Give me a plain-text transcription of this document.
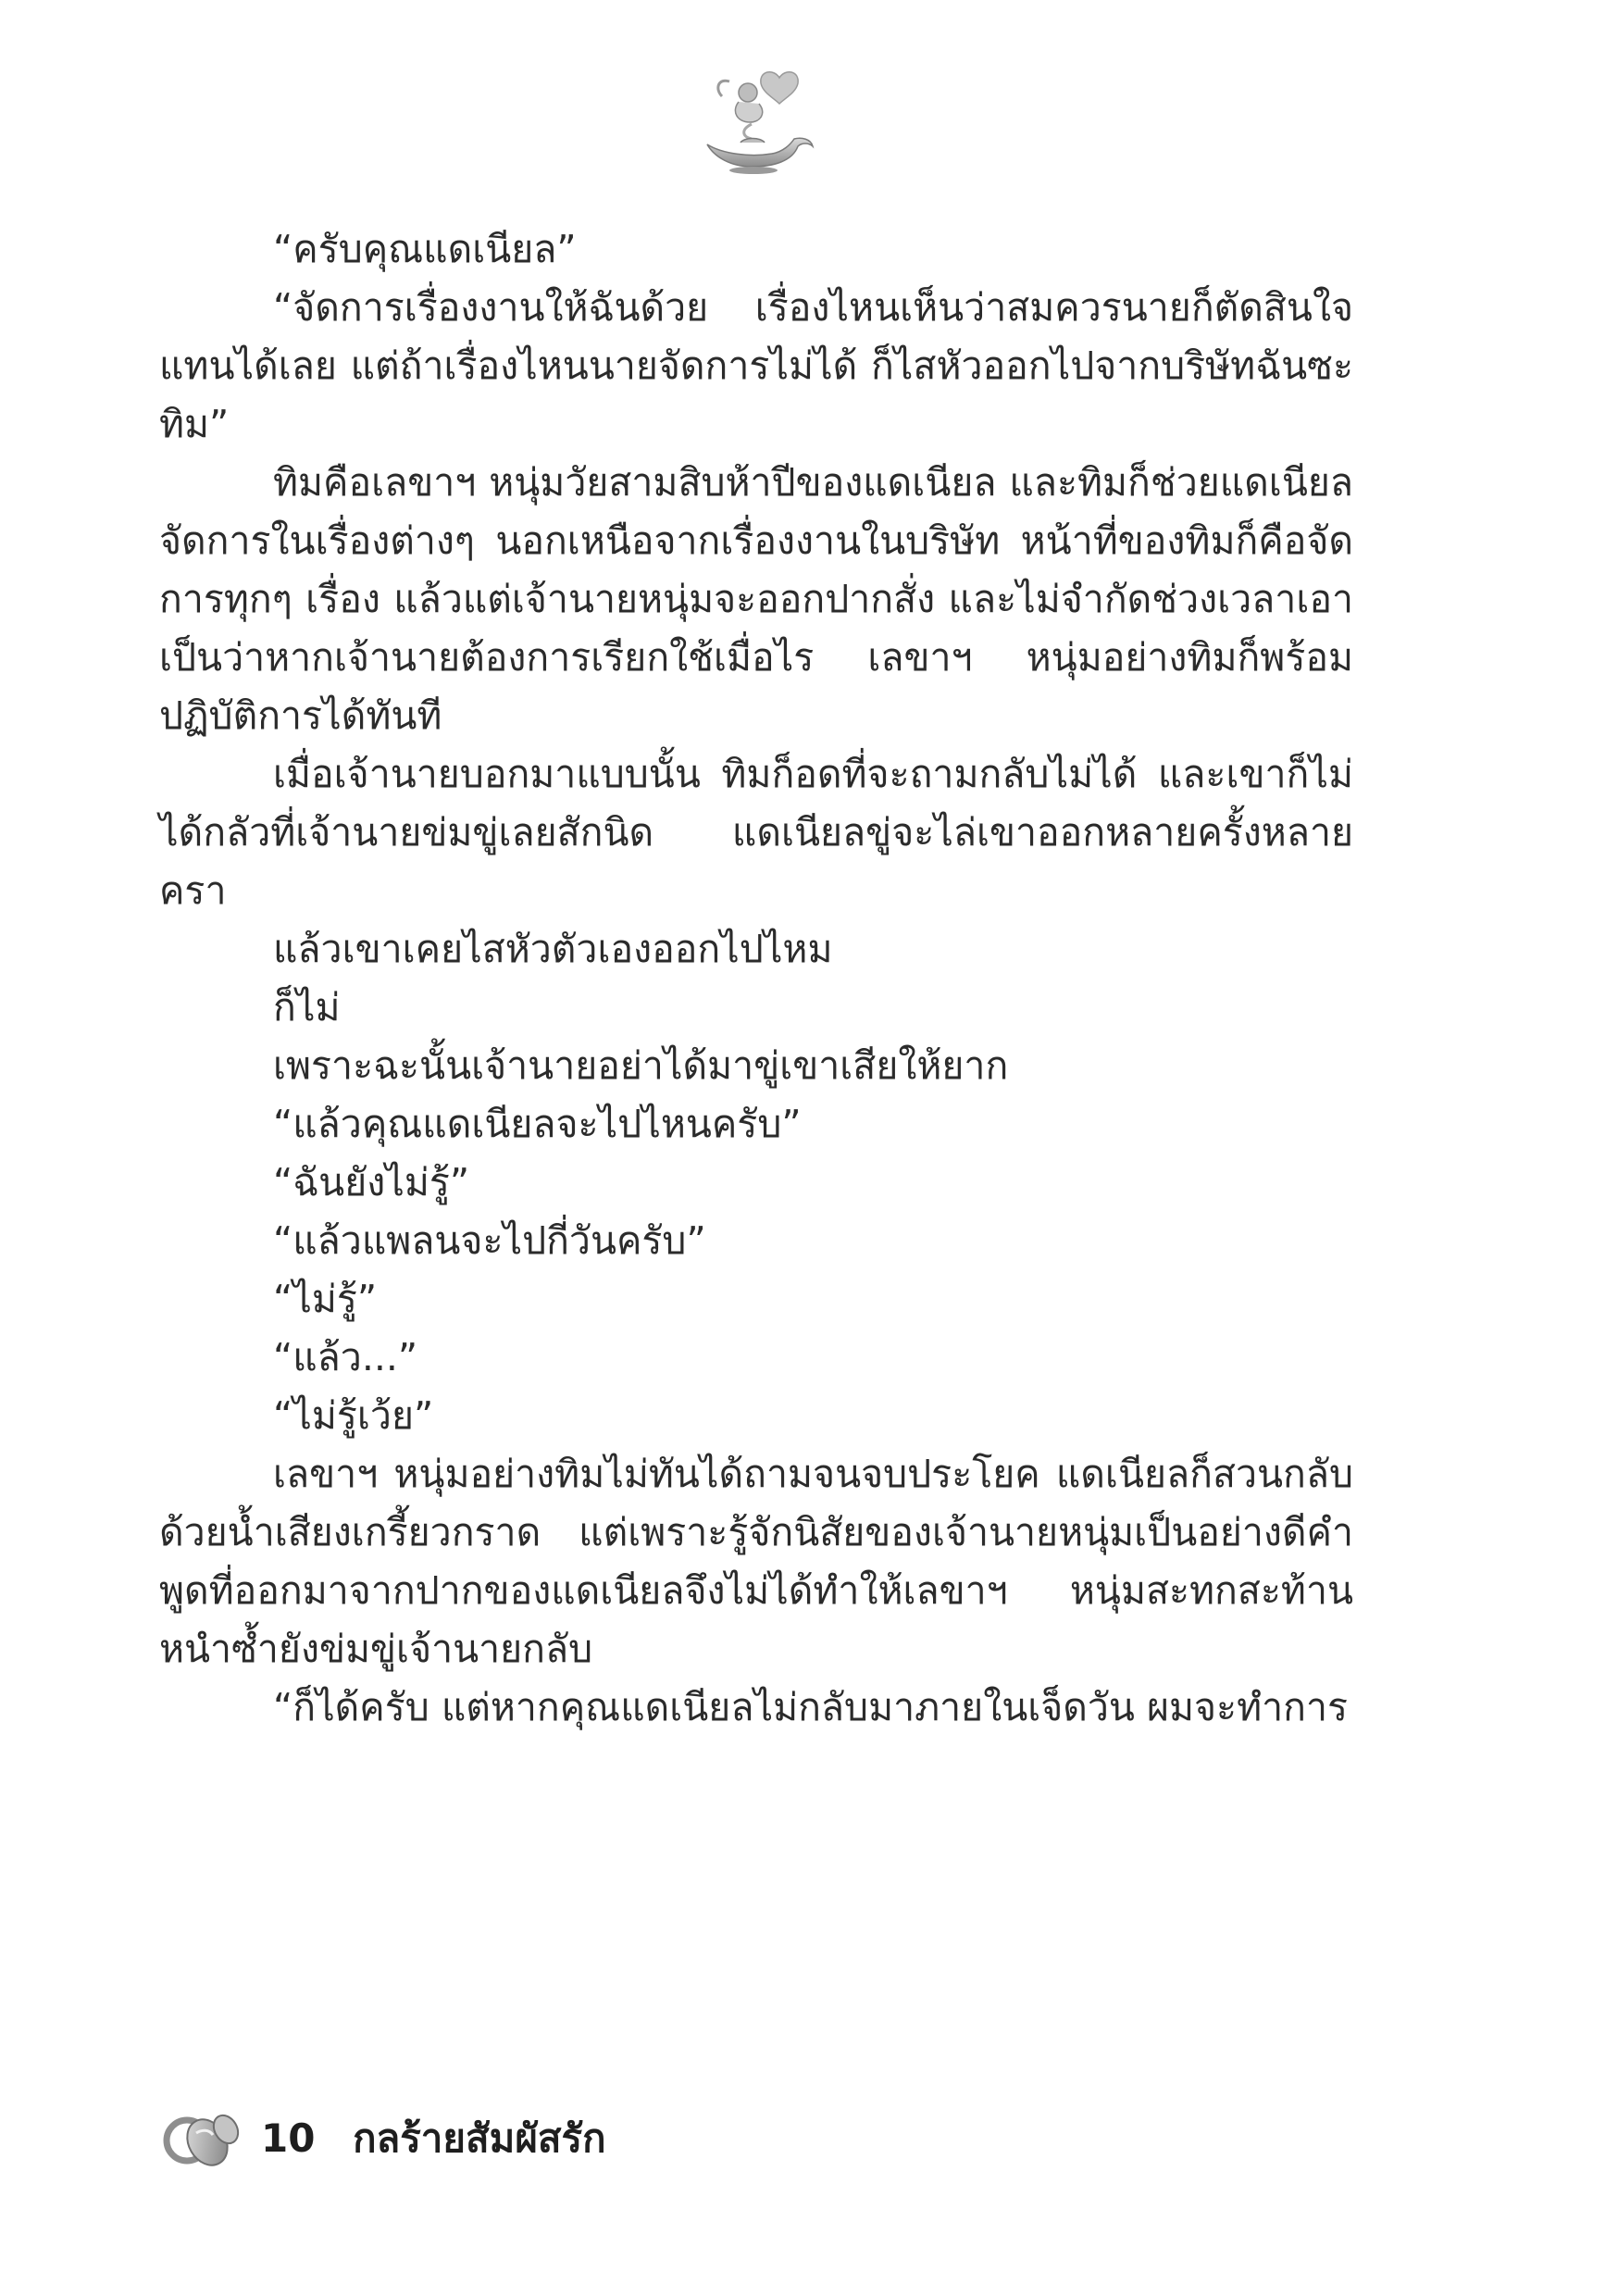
“ครับคุณแดเนียล”

“จัดการเรื่องงานให้ฉันด้วย เรื่องไหนเห็นว่าสมควรนายก็ตัดสินใจแทนได้เลย แต่ถ้าเรื่องไหนนายจัดการไม่ได้ ก็ไสหัวออกไปจากบริษัทฉันซะทิม”

ทิมคือเลขาฯ หนุ่มวัยสามสิบห้าปีของแดเนียล และทิมก็ช่วยแดเนียลจัดการในเรื่องต่างๆ นอกเหนือจากเรื่องงานในบริษัท หน้าที่ของทิมก็คือจัดการทุกๆ เรื่อง แล้วแต่เจ้านายหนุ่มจะออกปากสั่ง และไม่จำกัดช่วงเวลาเอาเป็นว่าหากเจ้านายต้องการเรียกใช้เมื่อไร เลขาฯ หนุ่มอย่างทิมก็พร้อมปฏิบัติการได้ทันที

เมื่อเจ้านายบอกมาแบบนั้น ทิมก็อดที่จะถามกลับไม่ได้ และเขาก็ไม่ได้กลัวที่เจ้านายข่มขู่เลยสักนิด แดเนียลขู่จะไล่เขาออกหลายครั้งหลายครา

แล้วเขาเคยไสหัวตัวเองออกไปไหม

ก็ไม่

เพราะฉะนั้นเจ้านายอย่าได้มาขู่เขาเสียให้ยาก

“แล้วคุณแดเนียลจะไปไหนครับ”

“ฉันยังไม่รู้”

“แล้วแพลนจะไปกี่วันครับ”

“ไม่รู้”

“แล้ว...”

“ไม่รู้เว้ย”

เลขาฯ หนุ่มอย่างทิมไม่ทันได้ถามจนจบประโยค แดเนียลก็สวนกลับด้วยน้ำเสียงเกรี้ยวกราด แต่เพราะรู้จักนิสัยของเจ้านายหนุ่มเป็นอย่างดีคำพูดที่ออกมาจากปากของแดเนียลจึงไม่ได้ทำให้เลขาฯ หนุ่มสะทกสะท้านหนำซ้ำยังข่มขู่เจ้านายกลับ

“ก็ได้ครับ แต่หากคุณแดเนียลไม่กลับมาภายในเจ็ดวัน ผมจะทำการ

10 กลร้ายสัมผัสรัก
